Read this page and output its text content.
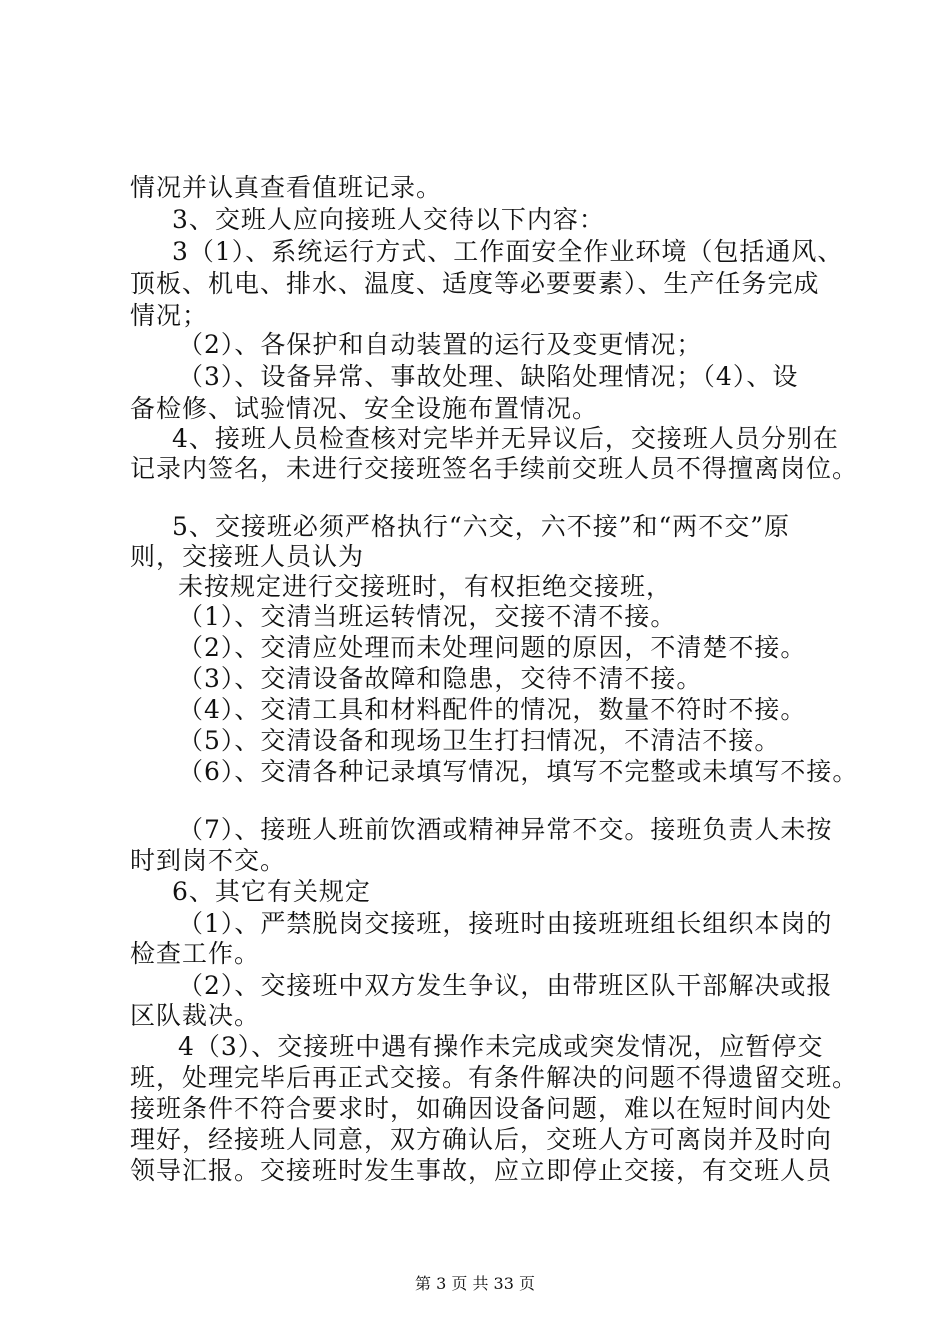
情况并认真查看值班记录。
3、交班人应向接班人交待以下内容：
3（1）、系统运行方式、工作面安全作业环境（包括通风、
顶板、机电、排水、温度、适度等必要要素）、生产任务完成
情况；
（2）、各保护和自动装置的运行及变更情况；
（3）、设备异常、事故处理、缺陷处理情况；（4）、设
备检修、试验情况、安全设施布置情况。
4、接班人员检查核对完毕并无异议后，交接班人员分别在
记录内签名，未进行交接班签名手续前交班人员不得擅离岗位。
5、交接班必须严格执行“六交，六不接”和“两不交”原
则，交接班人员认为
未按规定进行交接班时，有权拒绝交接班，
（1）、交清当班运转情况，交接不清不接。
（2）、交清应处理而未处理问题的原因，不清楚不接。
（3）、交清设备故障和隐患，交待不清不接。
（4）、交清工具和材料配件的情况，数量不符时不接。
（5）、交清设备和现场卫生打扫情况，不清洁不接。
（6）、交清各种记录填写情况，填写不完整或未填写不接。
（7）、接班人班前饮酒或精神异常不交。接班负责人未按
时到岗不交。
6、其它有关规定
（1）、严禁脱岗交接班，接班时由接班班组长组织本岗的
检查工作。
（2）、交接班中双方发生争议，由带班区队干部解决或报
区队裁决。
4（3）、交接班中遇有操作未完成或突发情况，应暂停交
班，处理完毕后再正式交接。有条件解决的问题不得遗留交班。
接班条件不符合要求时，如确因设备问题，难以在短时间内处
理好，经接班人同意，双方确认后，交班人方可离岗并及时向
领导汇报。交接班时发生事故，应立即停止交接，有交班人员
第 3 页 共 33 页
